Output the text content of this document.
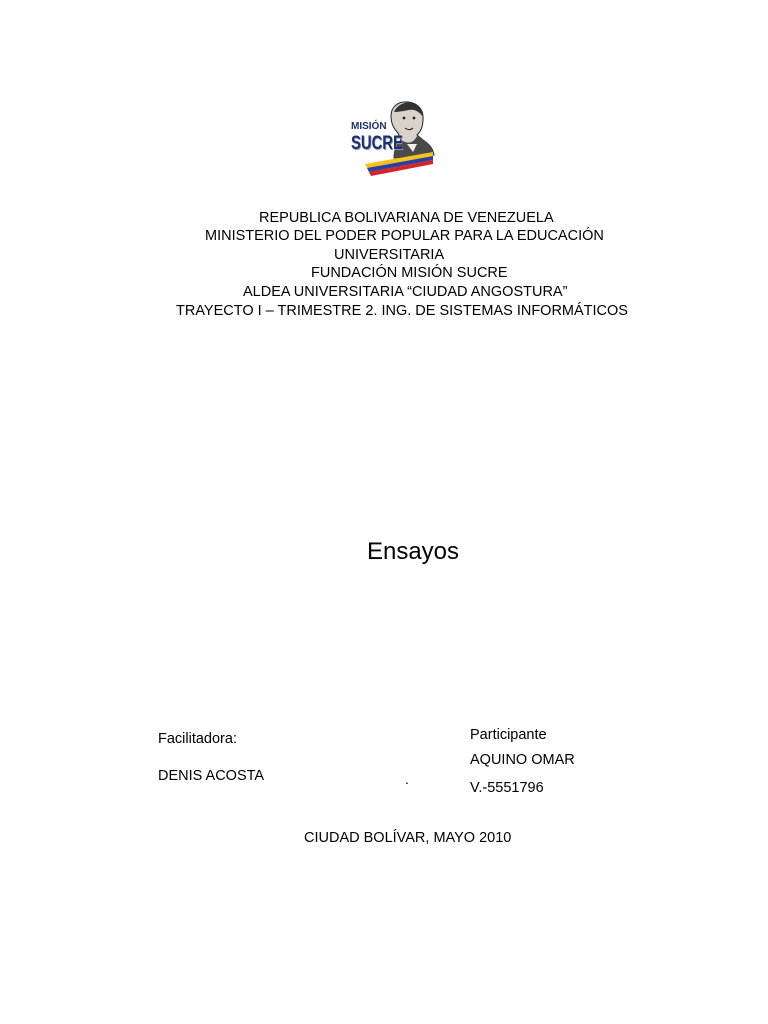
MISIÓN
SUCRE
REPUBLICA BOLIVARIANA DE VENEZUELA
MINISTERIO DEL PODER POPULAR PARA LA EDUCACIÓN
UNIVERSITARIA
FUNDACIÓN MISIÓN SUCRE
ALDEA UNIVERSITARIA “CIUDAD ANGOSTURA”
TRAYECTO I – TRIMESTRE 2. ING. DE SISTEMAS INFORMÁTICOS
Ensayos
Facilitadora:
DENIS ACOSTA	.
Participante
AQUINO OMAR
V.-5551796
CIUDAD BOLÍVAR, MAYO 2010
